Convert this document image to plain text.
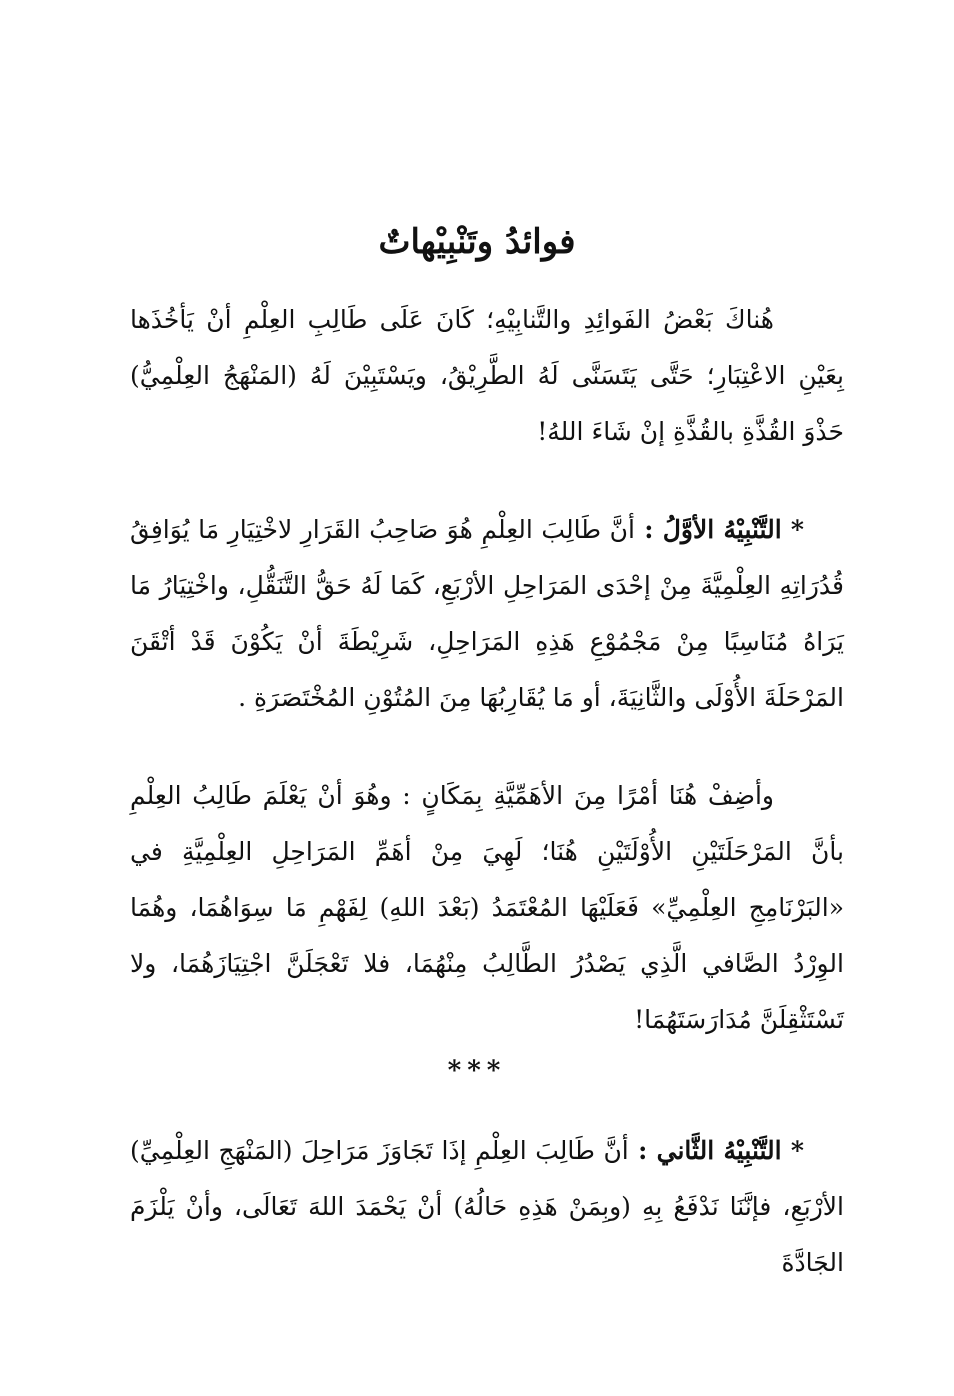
فوائدُ وتَنْبِيْهاتٌ

هُناكَ بَعْضُ الفَوائِدِ والتَّنابِيْهِ؛ كَانَ عَلَى طَالِبِ العِلْمِ أنْ يَأخُذَها بِعَيْنِ الاعْتِبَارِ؛ حَتَّى يَتَسَنَّى لَهُ الطَّرِيْقُ، ويَسْتَبِيْنَ لَهُ (المَنْهَجُ العِلْمِيُّ) حَذْوَ القُذَّةِ بالقُذَّةِ إنْ شَاءَ اللهُ!

* التَّنْبِيْهُ الأوَّلُ : أنَّ طَالِبَ العِلْمِ هُوَ صَاحِبُ القَرَارِ لاخْتِيَارِ مَا يُوَافِقُ قُدُرَاتِهِ العِلْمِيَّةَ مِنْ إحْدَى المَرَاحِلِ الأرْبَعِ، كَمَا لَهُ حَقُّ التَّنَقُّلِ، واخْتِيَارُ مَا يَرَاهُ مُنَاسِبًا مِنْ مَجْمُوْعِ هَذِهِ المَرَاحِلِ، شَرِيْطَةَ أنْ يَكُوْنَ قَدْ أتْقَنَ المَرْحَلَةَ الأُوْلَى والثَّانِيَةَ، أو مَا يُقَارِبُهَا مِنَ المُتُوْنِ المُخْتَصَرَةِ .

وأضِفْ هُنَا أمْرًا مِنَ الأهَمِّيَّةِ بِمَكَانٍ : وهُوَ أنْ يَعْلَمَ طَالِبُ العِلْمِ بأنَّ المَرْحَلَتَيْنِ الأُوْلَتَيْنِ هُنَا؛ لَهِيَ مِنْ أهَمِّ المَرَاحِلِ العِلْمِيَّةِ في «البَرْنَامِجِ العِلْمِيِّ» فَعَلَيْهَا المُعْتَمَدُ (بَعْدَ اللهِ) لِفَهْمِ مَا سِوَاهُمَا، وهُمَا الوِرْدُ الصَّافي الَّذِي يَصْدُرُ الطَّالِبُ مِنْهُمَا، فلا تَعْجَلَنَّ اجْتِيَازَهُمَا، ولا تَسْتَثْقِلَنَّ مُدَارَسَتَهُمَا!

***

* التَّنْبِيْهُ الثَّاني : أنَّ طَالِبَ العِلْمِ إذَا تَجَاوَزَ مَرَاحِلَ (المَنْهَجِ العِلْمِيِّ) الأرْبَعِ، فإنَّنَا نَدْفَعُ بِهِ (وبِمَنْ هَذِهِ حَالُهُ) أنْ يَحْمَدَ اللهَ تَعَالَى، وأنْ يَلْزَمَ الجَادَّةَ
